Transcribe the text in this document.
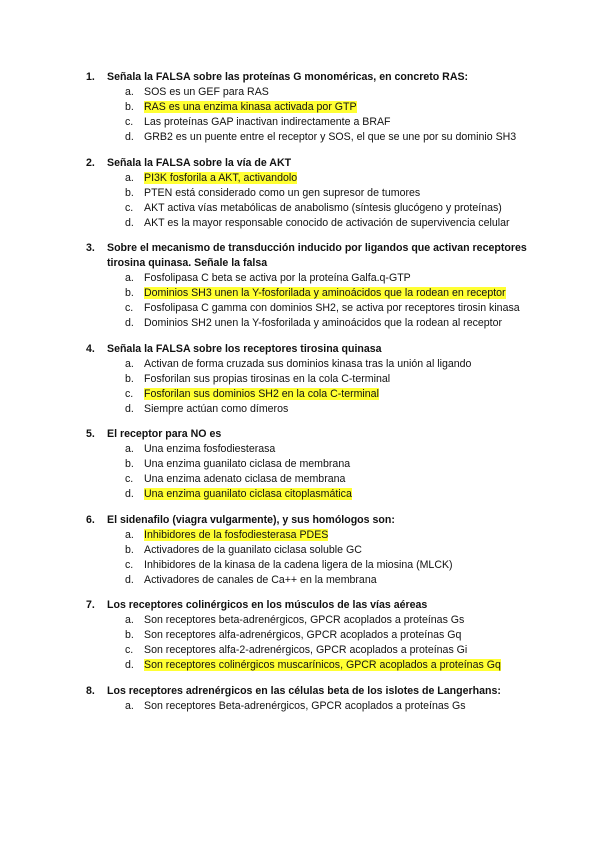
1. Señala la FALSA sobre las proteínas G monoméricas, en concreto RAS:
a. SOS es un GEF para RAS
b. RAS es una enzima kinasa activada por GTP
c. Las proteínas GAP inactivan indirectamente a BRAF
d. GRB2 es un puente entre el receptor y SOS, el que se une por su dominio SH3
2. Señala la FALSA sobre la vía de AKT
a. PI3K fosforila a AKT, activandolo
b. PTEN está considerado como un gen supresor de tumores
c. AKT activa vías metabólicas de anabolismo (síntesis glucógeno y proteínas)
d. AKT es la mayor responsable conocido de activación de supervivencia celular
3. Sobre el mecanismo de transducción inducido por ligandos que activan receptores tirosina quinasa. Señale la falsa
a. Fosfolipasa C beta se activa por la proteína Galfa.q-GTP
b. Dominios SH3 unen la Y-fosforilada y aminoácidos que la rodean en receptor
c. Fosfolipasa C gamma con dominios SH2, se activa por receptores tirosin kinasa
d. Dominios SH2 unen la Y-fosforilada y aminoácidos que la rodean al receptor
4. Señala la FALSA sobre los receptores tirosina quinasa
a. Activan de forma cruzada sus dominios kinasa tras la unión al ligando
b. Fosforilan sus propias tirosinas en la cola C-terminal
c. Fosforilan sus dominios SH2 en la cola C-terminal
d. Siempre actúan como dímeros
5. El receptor para NO es
a. Una enzima fosfodiesterasa
b. Una enzima guanilato ciclasa de membrana
c. Una enzima adenato ciclasa de membrana
d. Una enzima guanilato ciclasa citoplasmática
6. El sidenafilo (viagra vulgarmente), y sus homólogos son:
a. Inhibidores de la fosfodiesterasa PDES
b. Activadores de la guanilato ciclasa soluble GC
c. Inhibidores de la kinasa de la cadena ligera de la miosina (MLCK)
d. Activadores de canales de Ca++ en la membrana
7. Los receptores colinérgicos en los músculos de las vías aéreas
a. Son receptores beta-adrenérgicos, GPCR acoplados a proteínas Gs
b. Son receptores alfa-adrenérgicos, GPCR acoplados a proteínas Gq
c. Son receptores alfa-2-adrenérgicos, GPCR acoplados a proteínas Gi
d. Son receptores colinérgicos muscarínicos, GPCR acoplados a proteínas Gq
8. Los receptores adrenérgicos en las células beta de los islotes de Langerhans:
a. Son receptores Beta-adrenérgicos, GPCR acoplados a proteínas Gs
